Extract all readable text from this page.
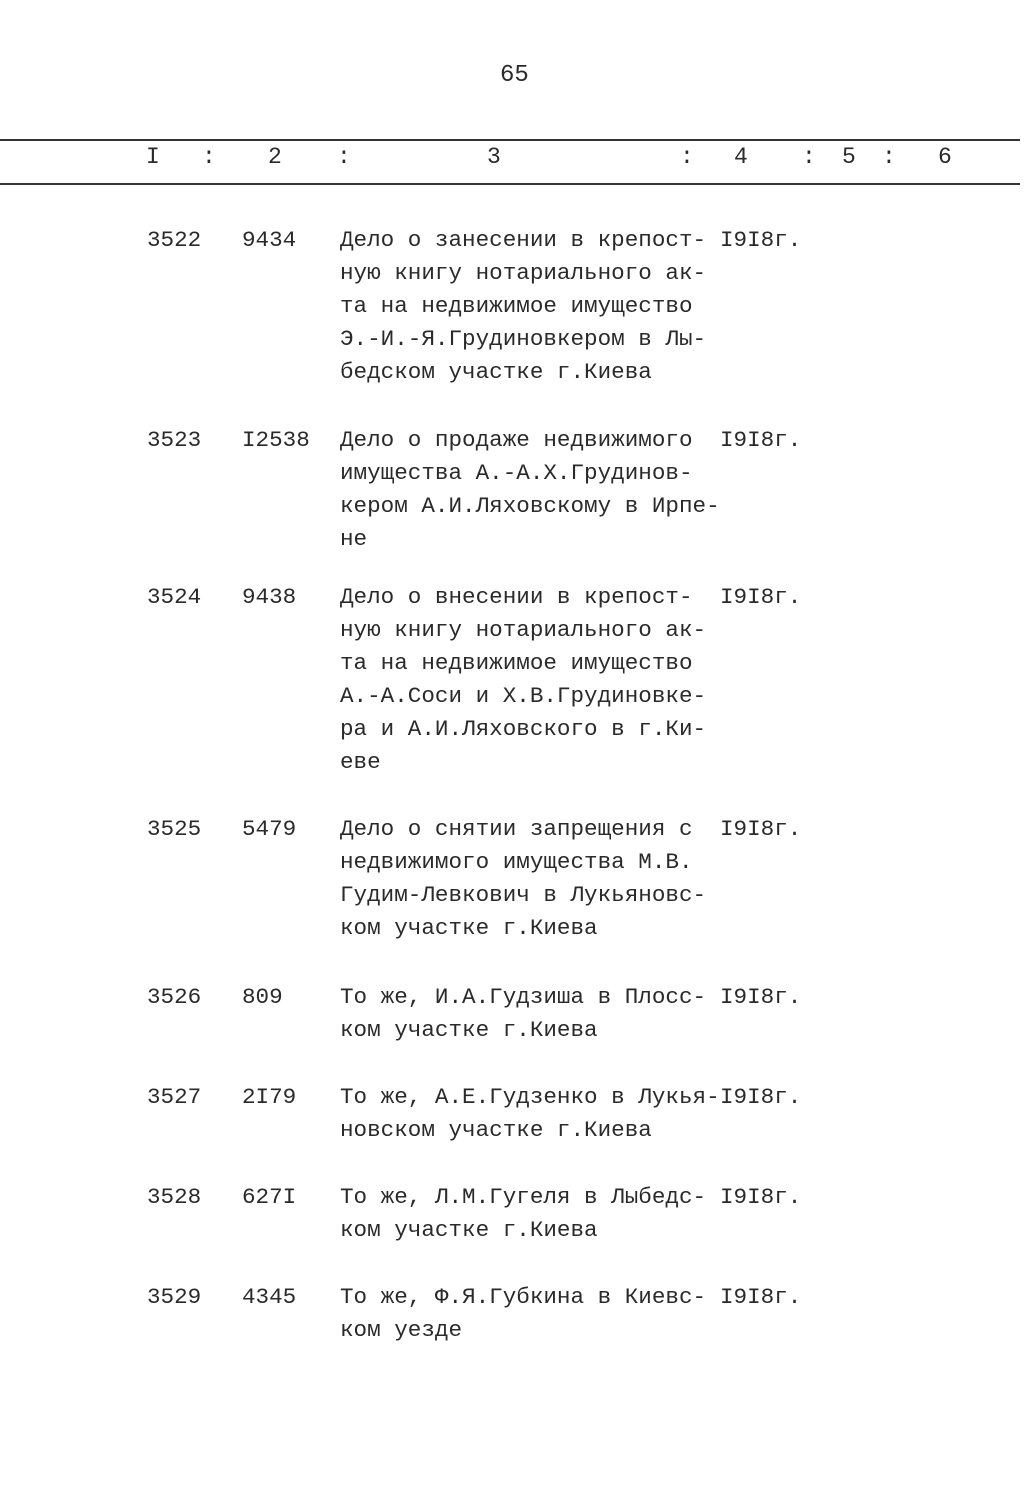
65
I : 2 :	3	: 4 : 5 : 6
3522 9434 Дело о занесении в крепост-
ную книгу нотариального ак-
та на недвижимое имущество
Э.-И.-Я.Грудиновкером в Лы-
бедском участке г.Киева
I9I8г.
3523 I2538 Дело о продаже недвижимого
имущества А.-А.Х.Грудинов-
кером А.И.Ляховскому в Ирпе-
не
I9I8г.
3524 9438 Дело о внесении в крепост-
ную книгу нотариального ак-
та на недвижимое имущество
А.-А.Соси и Х.В.Грудиновке-
ра и А.И.Ляховского в г.Ки-
еве
I9I8г.
3525 5479 Дело о снятии запрещения с
недвижимого имущества М.В.
Гудим-Левкович в Лукьяновс-
ком участке г.Киева
I9I8г.
3526 809	То же, И.А.Гудзиша в Плосс-
ком участке г.Киева
I9I8г.
3527 2I79 То же, А.Е.Гудзенко в Лукья-
новском участке г.Киева
I9I8г.
3528 627I То же, Л.М.Гугеля в Лыбедс-
ком участке г.Киева
I9I8г.
3529 4345 То же, Ф.Я.Губкина в Киевс-
ком уезде
I9I8г.
